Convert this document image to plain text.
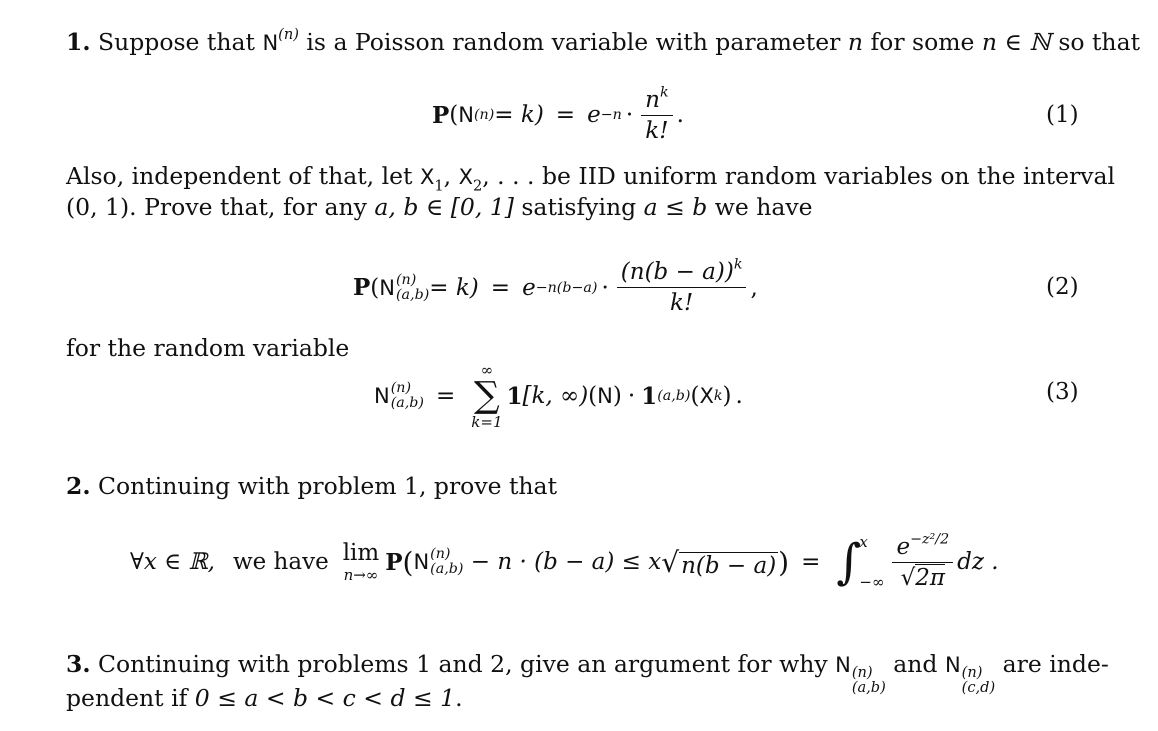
1. Suppose that $N^{(n)}$ is a Poisson random variable with parameter n for some n ∈ ℕ so that
P ( N $(n) = k) = e -n \cdot \frac{n^k}{k!}$ .	(1)
Also, independent of that, let $X_1$, $X_2$, . . . be IID uniform random variables on the interval
(0, 1). Prove that, for any a, b ∈ [0, 1] satisfying a ≤ b we have
P ( N (n)
$(a,b) = k) = e -n(b-a) \cdot \frac{(n(b - a))^k}{k!}$ ,	(2)
for the random variable
N (n)
(a,b) =
∞
∑
k=1
1 [k, ∞) ( N ) · 1 (a,b) ( X k ) .	(3)
2. Continuing with problem 1, prove that
∀x ∈ ℝ, we have lim
n→∞ P ( N (n)
(a,b) − n · (b − a) ≤ x √ n(b − a) ) = ∫
x
−∞ $\frac{e^{-z^2/2}}{√2\pi}$ dz .
3. Continuing with problems 1 and 2, give an argument for why N (n)
(a,b)
and N (n)
(c,d)
are inde-
pendent if 0 ≤ a < b < c < d ≤ 1.
